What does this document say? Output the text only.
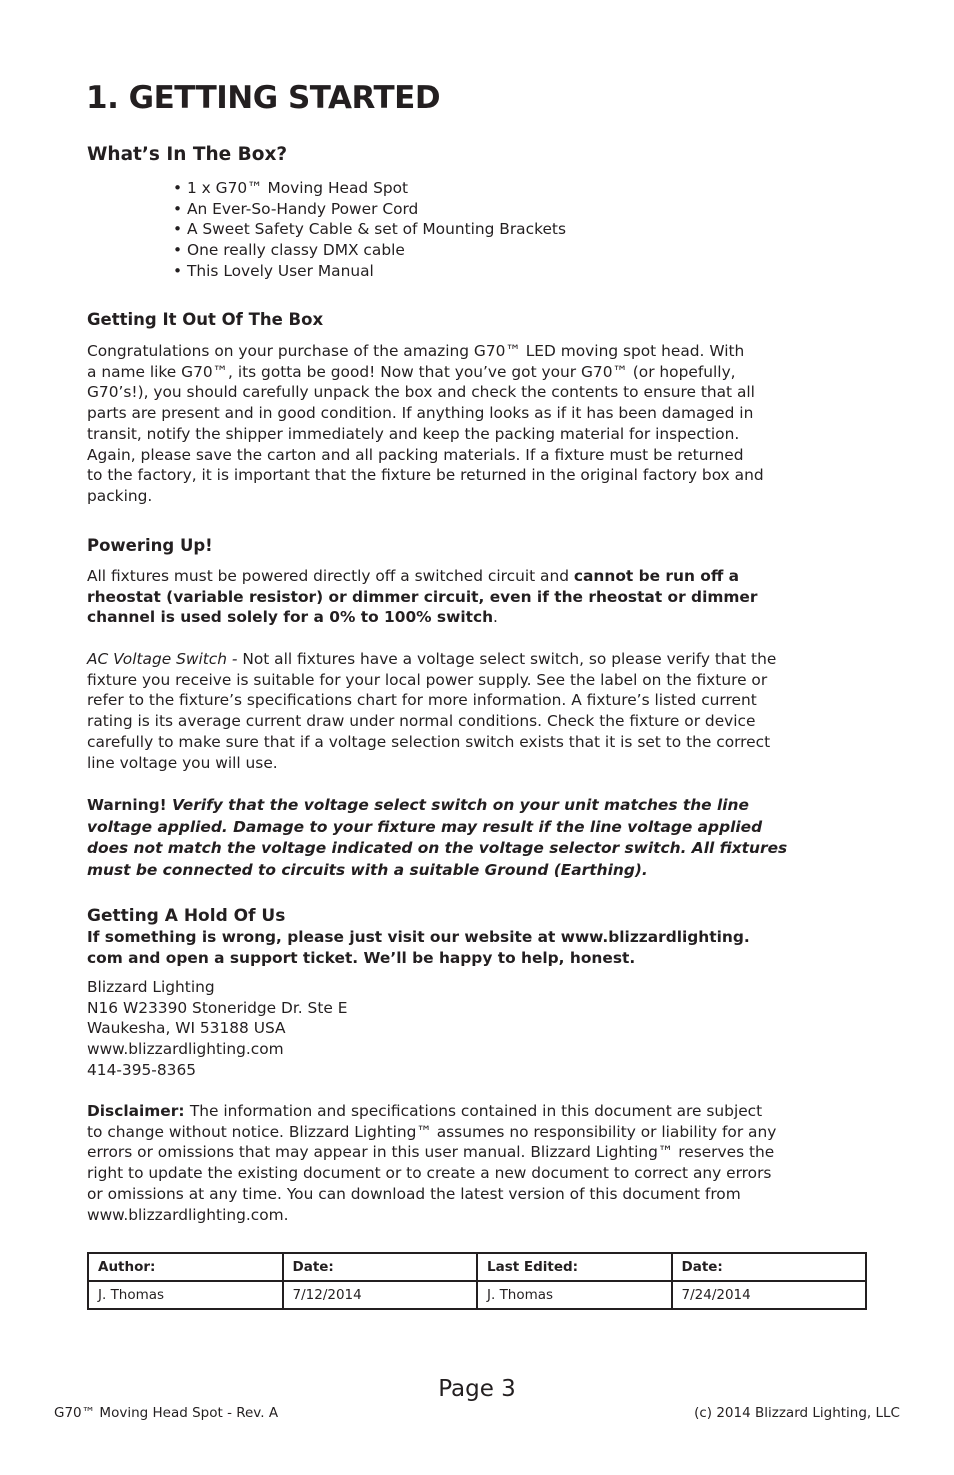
1. GETTING STARTED
What’s In The Box?
• 1 x G70™ Moving Head Spot
• An Ever-So-Handy Power Cord
• A Sweet Safety Cable & set of Mounting Brackets
• One really classy DMX cable
• This Lovely User Manual
Getting It Out Of The Box

Congratulations on your purchase of the amazing G70™ LED moving spot head. With
a name like G70™, its gotta be good! Now that you’ve got your G70™ (or hopefully,
G70’s!), you should carefully unpack the box and check the contents to ensure that all
parts are present and in good condition. If anything looks as if it has been damaged in
transit, notify the shipper immediately and keep the packing material for inspection.
Again, please save the carton and all packing materials. If a fixture must be returned
to the factory, it is important that the fixture be returned in the original factory box and
packing.

Powering Up!

All fixtures must be powered directly off a switched circuit and cannot be run off a
rheostat (variable resistor) or dimmer circuit, even if the rheostat or dimmer
channel is used solely for a 0% to 100% switch.

AC Voltage Switch - Not all fixtures have a voltage select switch, so please verify that the
fixture you receive is suitable for your local power supply. See the label on the fixture or
refer to the fixture’s specifications chart for more information. A fixture’s listed current
rating is its average current draw under normal conditions. Check the fixture or device
carefully to make sure that if a voltage selection switch exists that it is set to the correct
line voltage you will use.

Warning! Verify that the voltage select switch on your unit matches the line
voltage applied. Damage to your fixture may result if the line voltage applied
does not match the voltage indicated on the voltage selector switch. All fixtures
must be connected to circuits with a suitable Ground (Earthing).

Getting A Hold Of Us

If something is wrong, please just visit our website at www.blizzardlighting.
com and open a support ticket. We’ll be happy to help, honest.

Blizzard Lighting
N16 W23390 Stoneridge Dr. Ste E
Waukesha, WI 53188 USA
www.blizzardlighting.com
414-395-8365

Disclaimer: The information and specifications contained in this document are subject
to change without notice. Blizzard Lighting™ assumes no responsibility or liability for any
errors or omissions that may appear in this user manual. Blizzard Lighting™ reserves the
right to update the existing document or to create a new document to correct any errors
or omissions at any time. You can download the latest version of this document from
www.blizzardlighting.com.

Author:	Date:	Last Edited:	Date:
J. Thomas	7/12/2014	J. Thomas	7/24/2014
Page 3
G70™ Moving Head Spot - Rev. A	(c) 2014 Blizzard Lighting, LLC
